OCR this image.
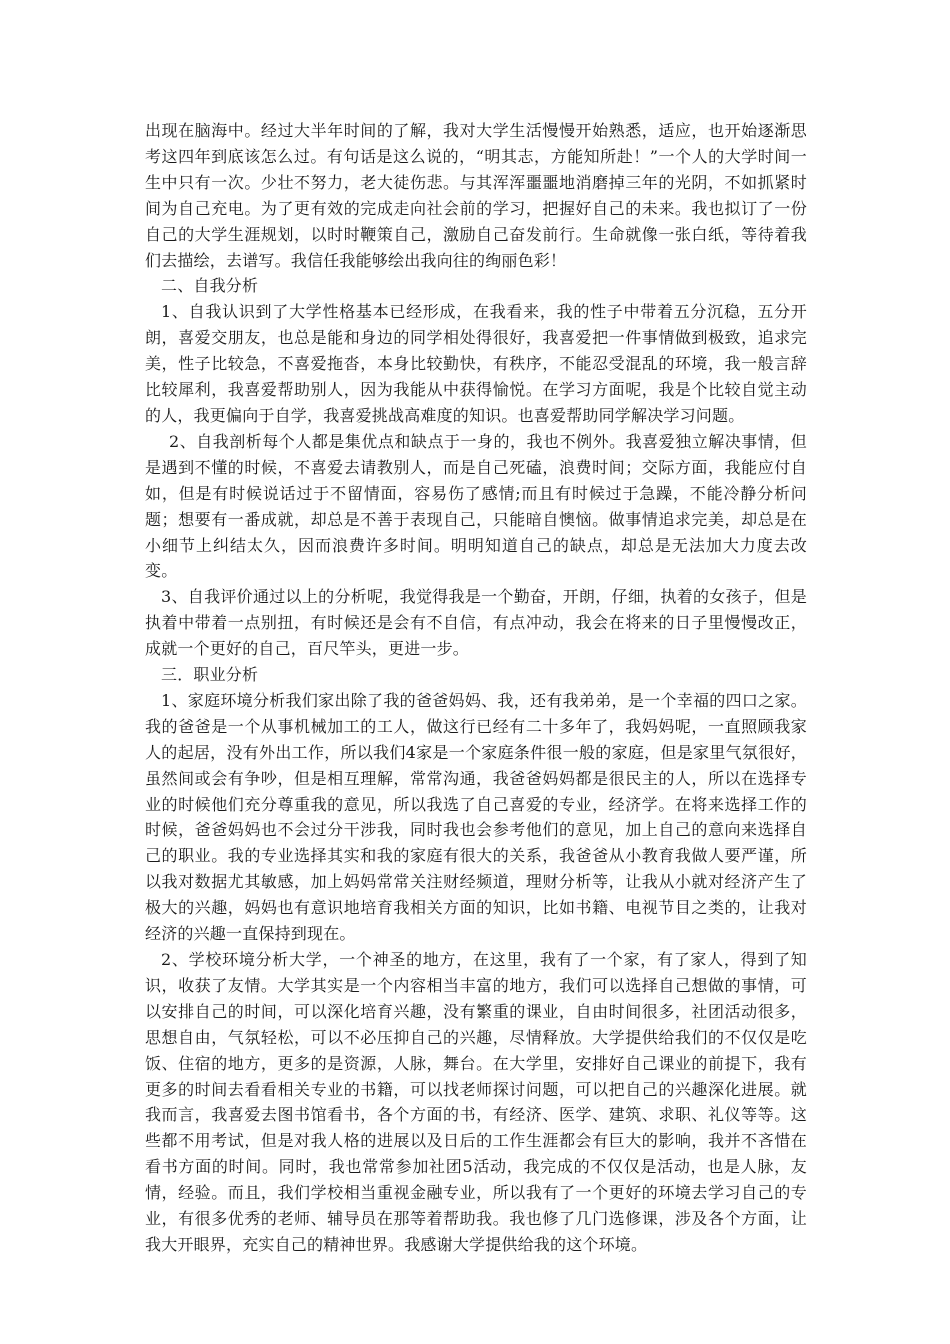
出现在脑海中。经过大半年时间的了解，我对大学生活慢慢开始熟悉，适应，也开始逐渐思考这四年到底该怎么过。有句话是这么说的，“明其志，方能知所赴！”一个人的大学时间一生中只有一次。少壮不努力，老大徒伤悲。与其浑浑噩噩地消磨掉三年的光阴，不如抓紧时间为自己充电。为了更有效的完成走向社会前的学习，把握好自己的未来。我也拟订了一份自己的大学生涯规划，以时时鞭策自己，激励自己奋发前行。生命就像一张白纸，等待着我们去描绘，去谱写。我信任我能够绘出我向往的绚丽色彩！

二、自我分析

1、自我认识到了大学性格基本已经形成，在我看来，我的性子中带着五分沉稳，五分开朗，喜爱交朋友，也总是能和身边的同学相处得很好，我喜爱把一件事情做到极致，追求完美，性子比较急，不喜爱拖沓，本身比较勤快，有秩序，不能忍受混乱的环境，我一般言辞比较犀利，我喜爱帮助别人，因为我能从中获得愉悦。在学习方面呢，我是个比较自觉主动的人，我更偏向于自学，我喜爱挑战高难度的知识。也喜爱帮助同学解决学习问题。

2、自我剖析每个人都是集优点和缺点于一身的，我也不例外。我喜爱独立解决事情，但是遇到不懂的时候，不喜爱去请教别人，而是自己死磕，浪费时间；交际方面，我能应付自如，但是有时候说话过于不留情面，容易伤了感情;而且有时候过于急躁，不能冷静分析问题；想要有一番成就，却总是不善于表现自己，只能暗自懊恼。做事情追求完美，却总是在小细节上纠结太久，因而浪费许多时间。明明知道自己的缺点，却总是无法加大力度去改变。

3、自我评价通过以上的分析呢，我觉得我是一个勤奋，开朗，仔细，执着的女孩子，但是执着中带着一点别扭，有时候还是会有不自信，有点冲动，我会在将来的日子里慢慢改正，成就一个更好的自己，百尺竿头，更进一步。

三．职业分析

1、家庭环境分析我们家出除了我的爸爸妈妈、我，还有我弟弟，是一个幸福的四口之家。我的爸爸是一个从事机械加工的工人，做这行已经有二十多年了，我妈妈呢，一直照顾我家人的起居，没有外出工作，所以我们4家是一个家庭条件很一般的家庭，但是家里气氛很好，虽然间或会有争吵，但是相互理解，常常沟通，我爸爸妈妈都是很民主的人，所以在选择专业的时候他们充分尊重我的意见，所以我选了自己喜爱的专业，经济学。在将来选择工作的时候，爸爸妈妈也不会过分干涉我，同时我也会参考他们的意见，加上自己的意向来选择自己的职业。我的专业选择其实和我的家庭有很大的关系，我爸爸从小教育我做人要严谨，所以我对数据尤其敏感，加上妈妈常常关注财经频道，理财分析等，让我从小就对经济产生了极大的兴趣，妈妈也有意识地培育我相关方面的知识，比如书籍、电视节目之类的，让我对经济的兴趣一直保持到现在。

2、学校环境分析大学，一个神圣的地方，在这里，我有了一个家，有了家人，得到了知识，收获了友情。大学其实是一个内容相当丰富的地方，我们可以选择自己想做的事情，可以安排自己的时间，可以深化培育兴趣，没有繁重的课业，自由时间很多，社团活动很多，思想自由，气氛轻松，可以不必压抑自己的兴趣，尽情释放。大学提供给我们的不仅仅是吃饭、住宿的地方，更多的是资源，人脉，舞台。在大学里，安排好自己课业的前提下，我有更多的时间去看看相关专业的书籍，可以找老师探讨问题，可以把自己的兴趣深化进展。就我而言，我喜爱去图书馆看书，各个方面的书，有经济、医学、建筑、求职、礼仪等等。这些都不用考试，但是对我人格的进展以及日后的工作生涯都会有巨大的影响，我并不吝惜在看书方面的时间。同时，我也常常参加社团5活动，我完成的不仅仅是活动，也是人脉，友情，经验。而且，我们学校相当重视金融专业，所以我有了一个更好的环境去学习自己的专业，有很多优秀的老师、辅导员在那等着帮助我。我也修了几门选修课，涉及各个方面，让我大开眼界，充实自己的精神世界。我感谢大学提供给我的这个环境。
